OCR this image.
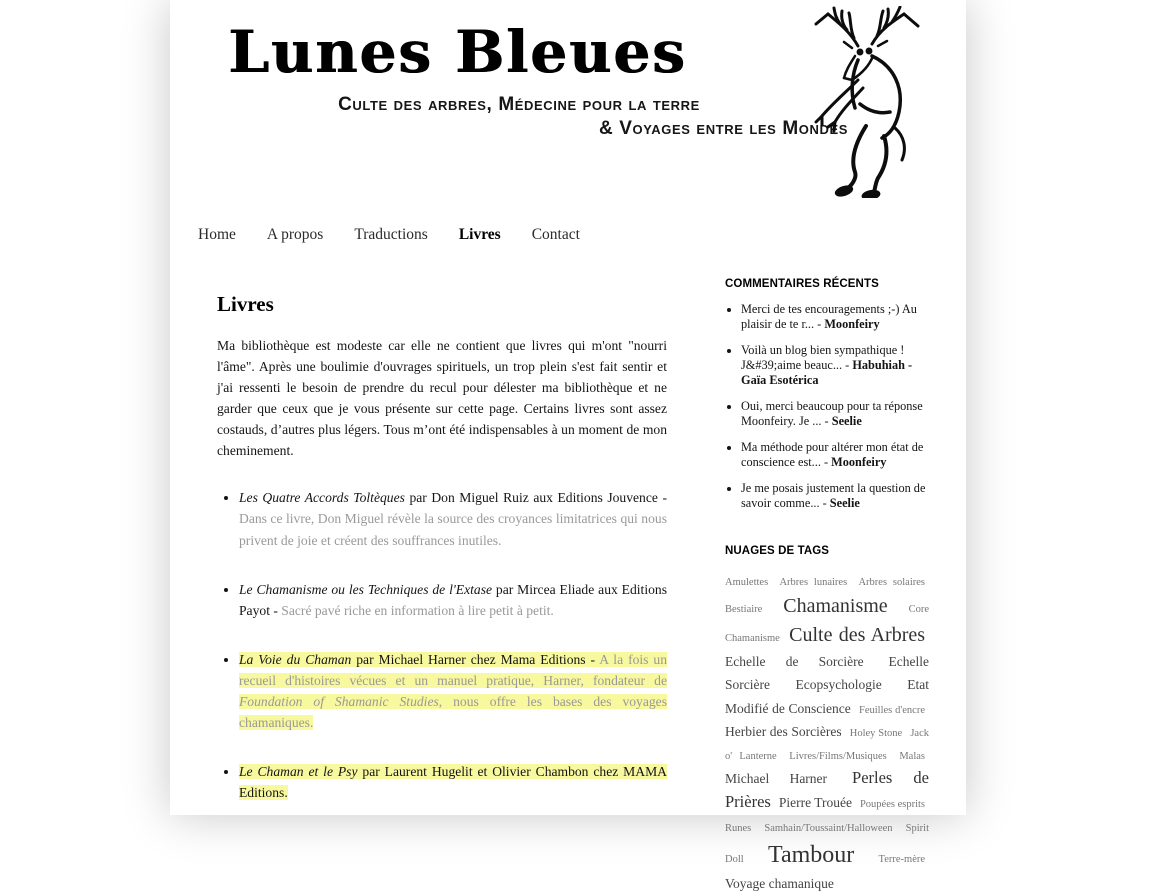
Lunes Bleues
Culte des arbres, Médecine pour la terre
& Voyages entre les Mondes
Home A propos Traductions Livres Contact
Livres

Ma bibliothèque est modeste car elle ne contient que livres qui m'ont "nourri l'âme". Après une boulimie d'ouvrages spirituels, un trop plein s'est fait sentir et j'ai ressenti le besoin de prendre du recul pour délester ma bibliothèque et ne garder que ceux que je vous présente sur cette page. Certains livres sont assez costauds, d’autres plus légers. Tous m’ont été indispensables à un moment de mon cheminement.

• Les Quatre Accords Toltèques par Don Miguel Ruiz aux Editions Jouvence - Dans ce livre, Don Miguel révèle la source des croyances limitatrices qui nous privent de joie et créent des souffrances inutiles.
• Le Chamanisme ou les Techniques de l'Extase par Mircea Eliade aux Editions Payot - Sacré pavé riche en information à lire petit à petit.
• La Voie du Chaman par Michael Harner chez Mama Editions - A la fois un recueil d'histoires vécues et un manuel pratique, Harner, fondateur de Foundation of Shamanic Studies, nous offre les bases des voyages chamaniques.
• Le Chaman et le Psy par Laurent Hugelit et Olivier Chambon chez MAMA Editions.
COMMENTAIRES RÉCENTS
• Merci de tes encouragements ;-) Au plaisir de te r... - Moonfeiry
• Voilà un blog bien sympathique ! J&#39;aime beauc... - Habuhiah - Gaïa Esotérica
• Oui, merci beaucoup pour ta réponse Moonfeiry. Je ... - Seelie
• Ma méthode pour altérer mon état de conscience est... - Moonfeiry
• Je me posais justement la question de savoir comme... - Seelie
NUAGES DE TAGS
Amulettes Arbres lunaires Arbres solaires Bestiaire Chamanisme Core Chamanisme Culte des Arbres Echelle de Sorcière Echelle Sorcière Ecopsychologie Etat Modifié de Conscience Feuilles d'encre Herbier des Sorcières Holey Stone Jack o' Lanterne Livres/Films/Musiques Malas Michael Harner Perles de Prières Pierre Trouée Poupées esprits Runes Samhain/Toussaint/Halloween Spirit Doll Tambour Terre-mère Voyage chamanique
